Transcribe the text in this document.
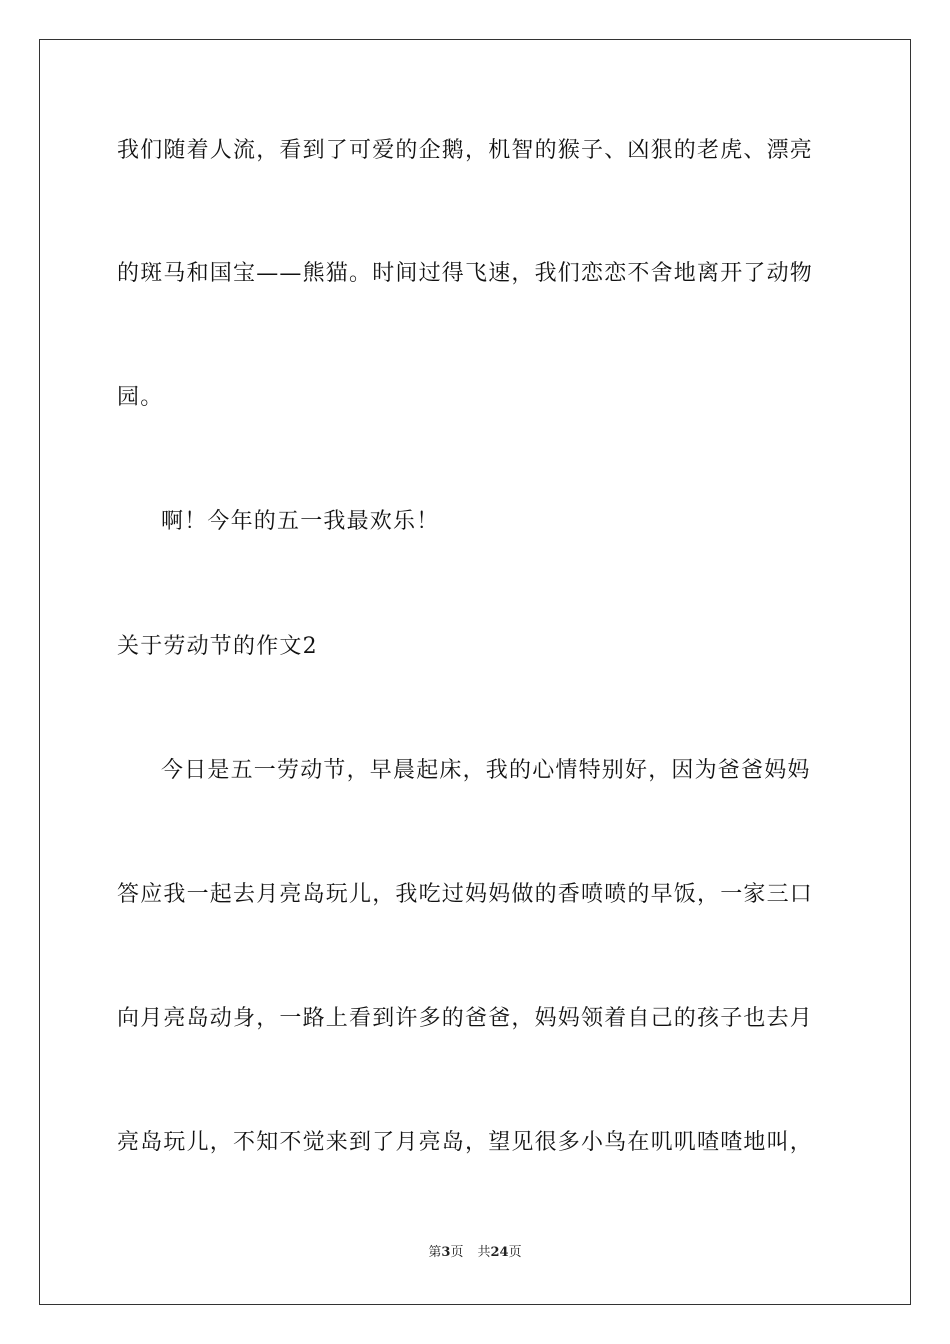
我们随着人流，看到了可爱的企鹅，机智的猴子、凶狠的老虎、漂亮
的斑马和国宝——熊猫。时间过得飞速，我们恋恋不舍地离开了动物
园。
啊！今年的五一我最欢乐！
关于劳动节的作文2
今日是五一劳动节，早晨起床，我的心情特别好，因为爸爸妈妈
答应我一起去月亮岛玩儿，我吃过妈妈做的香喷喷的早饭，一家三口
向月亮岛动身，一路上看到许多的爸爸，妈妈领着自己的孩子也去月
亮岛玩儿，不知不觉来到了月亮岛，望见很多小鸟在叽叽喳喳地叫，
第3页 共24页
